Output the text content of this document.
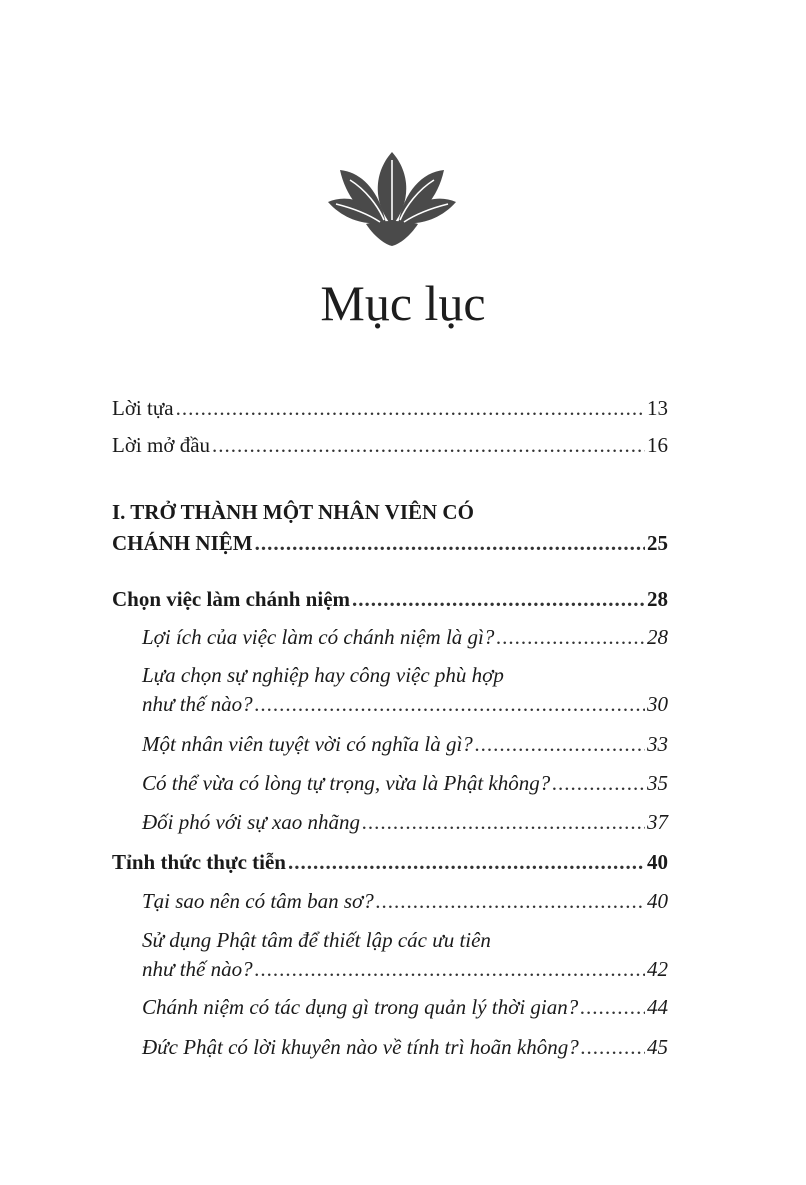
Mục lục
Lời tựa .....	13
Lời mở đầu .....	16
I. TRỞ THÀNH MỘT NHÂN VIÊN CÓ
CHÁNH NIỆM .....	25
Chọn việc làm chánh niệm .....	28
Lợi ích của việc làm có chánh niệm là gì? .....	28
Lựa chọn sự nghiệp hay công việc phù hợp
như thế nào? .....	30
Một nhân viên tuyệt vời có nghĩa là gì? .....	33
Có thể vừa có lòng tự trọng, vừa là Phật không? .....	35
Đối phó với sự xao nhãng .....	37
Tỉnh thức thực tiễn .....	40
Tại sao nên có tâm ban sơ? .....	40
Sử dụng Phật tâm để thiết lập các ưu tiên
như thế nào? .....	42
Chánh niệm có tác dụng gì trong quản lý thời gian? .....	44
Đức Phật có lời khuyên nào về tính trì hoãn không? .....	45
